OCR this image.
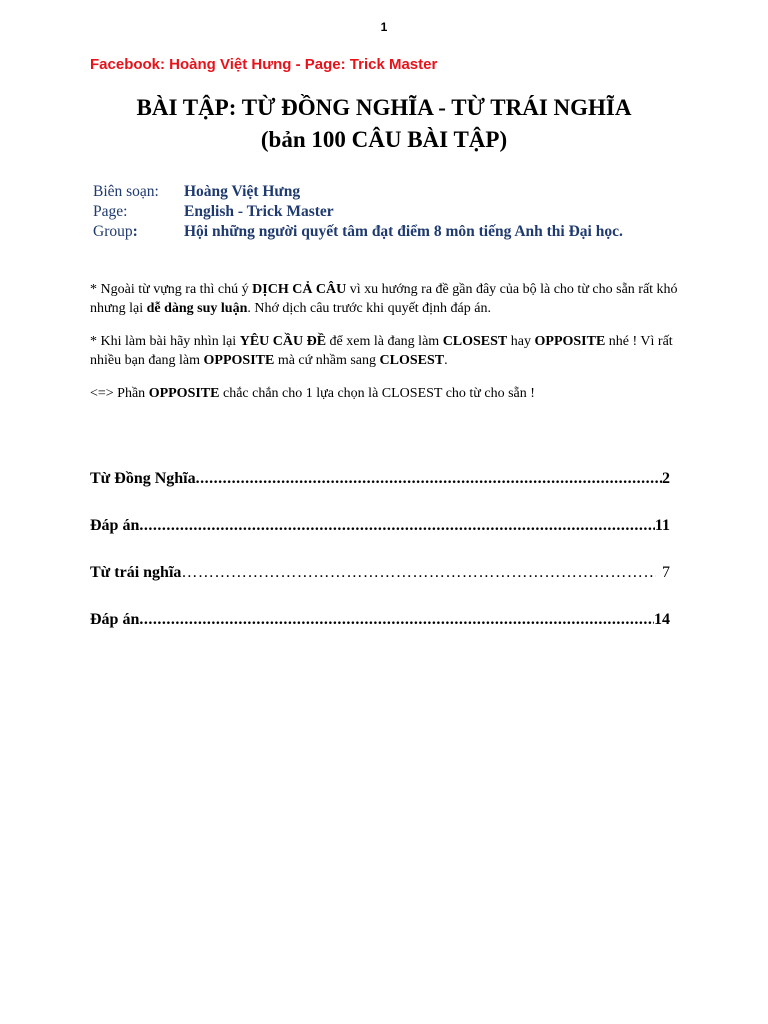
1
Facebook: Hoàng Việt Hưng - Page: Trick Master
BÀI TẬP: TỪ ĐỒNG NGHĨA - TỪ TRÁI NGHĨA
(bản 100 CÂU BÀI TẬP)
Biên soạn:	Hoàng Việt Hưng
Page:	English - Trick Master
Group:	Hội những người quyết tâm đạt điểm 8 môn tiếng Anh thi Đại học.

* Ngoài từ vựng ra thì chú ý DỊCH CẢ CÂU vì xu hướng ra đề gần đây của bộ là cho từ cho sẵn rất khó nhưng lại dễ dàng suy luận. Nhớ dịch câu trước khi quyết định đáp án.

* Khi làm bài hãy nhìn lại YÊU CẦU ĐỀ để xem là đang làm CLOSEST hay OPPOSITE nhé ! Vì rất nhiều bạn đang làm OPPOSITE mà cứ nhầm sang CLOSEST.

<=> Phần OPPOSITE chắc chắn cho 1 lựa chọn là CLOSEST cho từ cho sẵn !

Từ Đồng Nghĩa .....	2
Đáp án .....	11
Từ trái nghĩa ………………………………………………………………………………………	7
Đáp án .....	14
